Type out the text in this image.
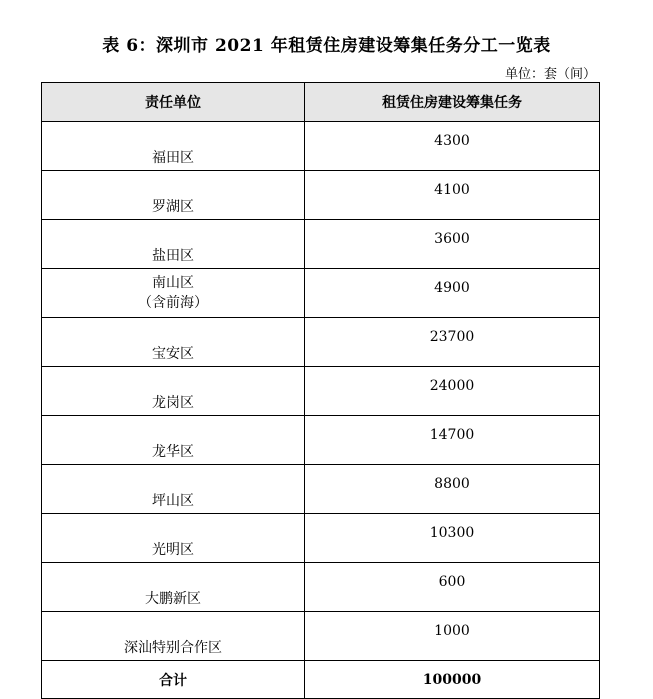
表 6：深圳市 2021 年租赁住房建设筹集任务分工一览表
单位：套（间）
责任单位	租赁住房建设筹集任务
福田区	4300
罗湖区	4100
盐田区	3600

南山区
（含前海）	4900
宝安区	23700
龙岗区	24000
龙华区	14700
坪山区	8800
光明区	10300
大鹏新区	600
深汕特别合作区	1000
合计	100000
